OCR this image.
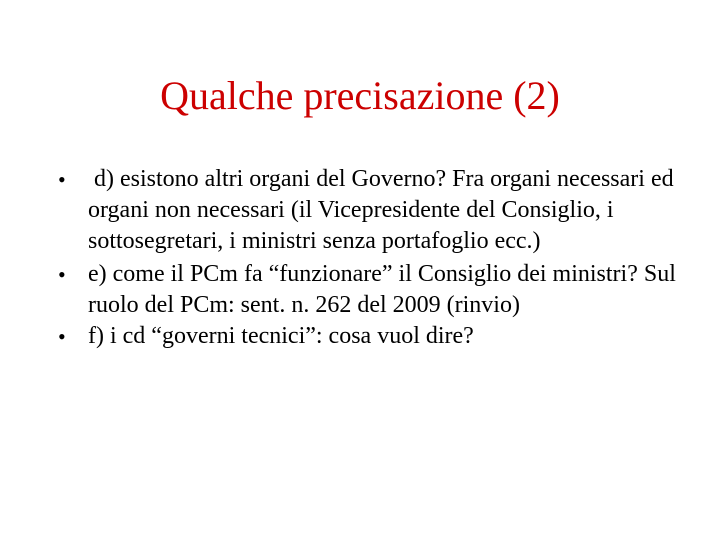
Qualche precisazione (2)
• d) esistono altri organi del Governo? Fra organi necessari ed organi non necessari (il Vicepresidente del Consiglio, i sottosegretari, i ministri senza portafoglio ecc.)
• e) come il PCm fa “funzionare” il Consiglio dei ministri? Sul ruolo del PCm: sent. n. 262 del 2009 (rinvio)
• f) i cd “governi tecnici”: cosa vuol dire?
